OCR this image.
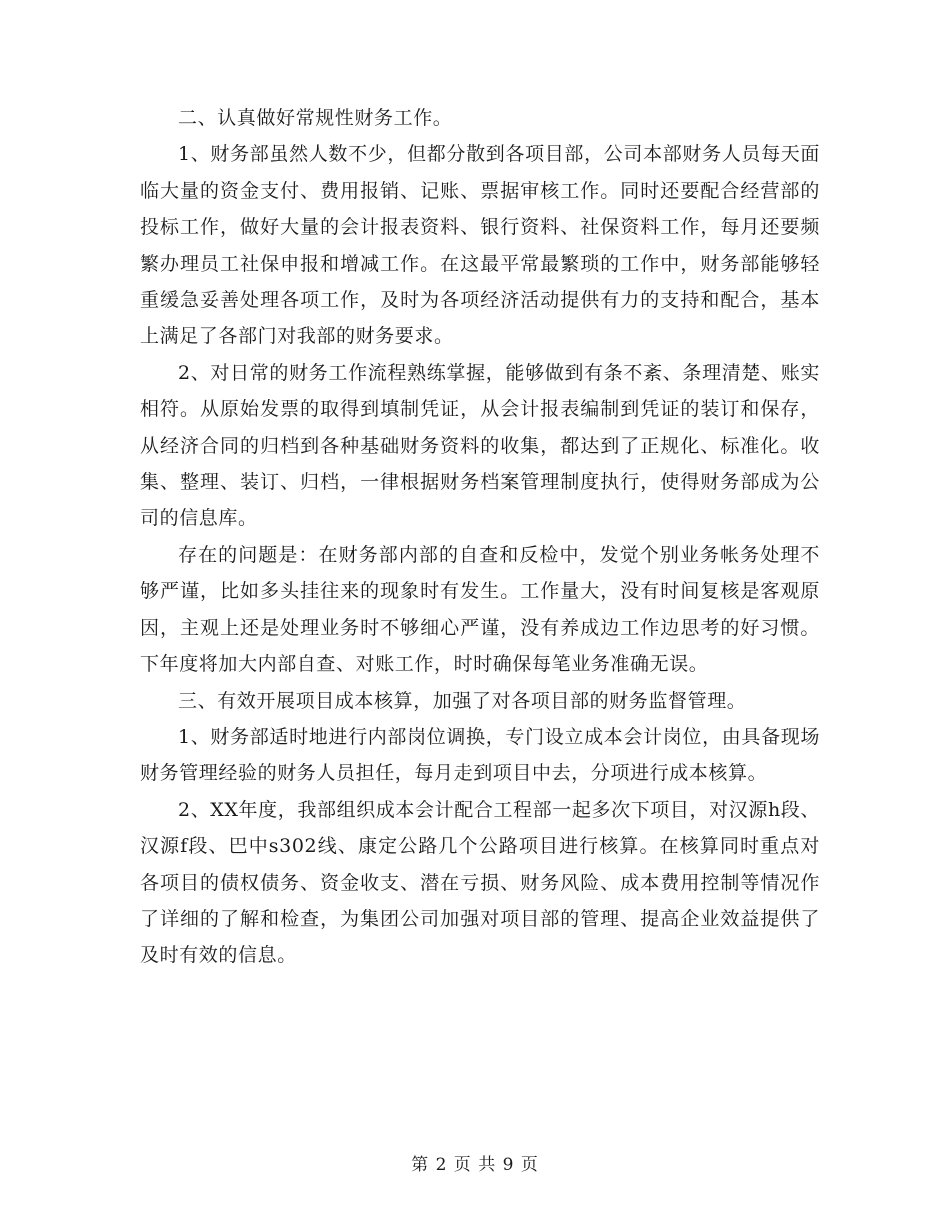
二、认真做好常规性财务工作。

1、财务部虽然人数不少，但都分散到各项目部，公司本部财务人员每天面临大量的资金支付、费用报销、记账、票据审核工作。同时还要配合经营部的投标工作，做好大量的会计报表资料、银行资料、社保资料工作，每月还要频繁办理员工社保申报和增减工作。在这最平常最繁琐的工作中，财务部能够轻重缓急妥善处理各项工作，及时为各项经济活动提供有力的支持和配合，基本上满足了各部门对我部的财务要求。

2、对日常的财务工作流程熟练掌握，能够做到有条不紊、条理清楚、账实相符。从原始发票的取得到填制凭证，从会计报表编制到凭证的装订和保存，从经济合同的归档到各种基础财务资料的收集，都达到了正规化、标准化。收集、整理、装订、归档，一律根据财务档案管理制度执行，使得财务部成为公司的信息库。

存在的问题是：在财务部内部的自查和反检中，发觉个别业务帐务处理不够严谨，比如多头挂往来的现象时有发生。工作量大，没有时间复核是客观原因，主观上还是处理业务时不够细心严谨，没有养成边工作边思考的好习惯。下年度将加大内部自查、对账工作，时时确保每笔业务准确无误。

三、有效开展项目成本核算，加强了对各项目部的财务监督管理。

1、财务部适时地进行内部岗位调换，专门设立成本会计岗位，由具备现场财务管理经验的财务人员担任，每月走到项目中去，分项进行成本核算。

2、XX年度，我部组织成本会计配合工程部一起多次下项目，对汉源h段、汉源f段、巴中s302线、康定公路几个公路项目进行核算。在核算同时重点对各项目的债权债务、资金收支、潜在亏损、财务风险、成本费用控制等情况作了详细的了解和检查，为集团公司加强对项目部的管理、提高企业效益提供了及时有效的信息。

第 2 页 共 9 页
